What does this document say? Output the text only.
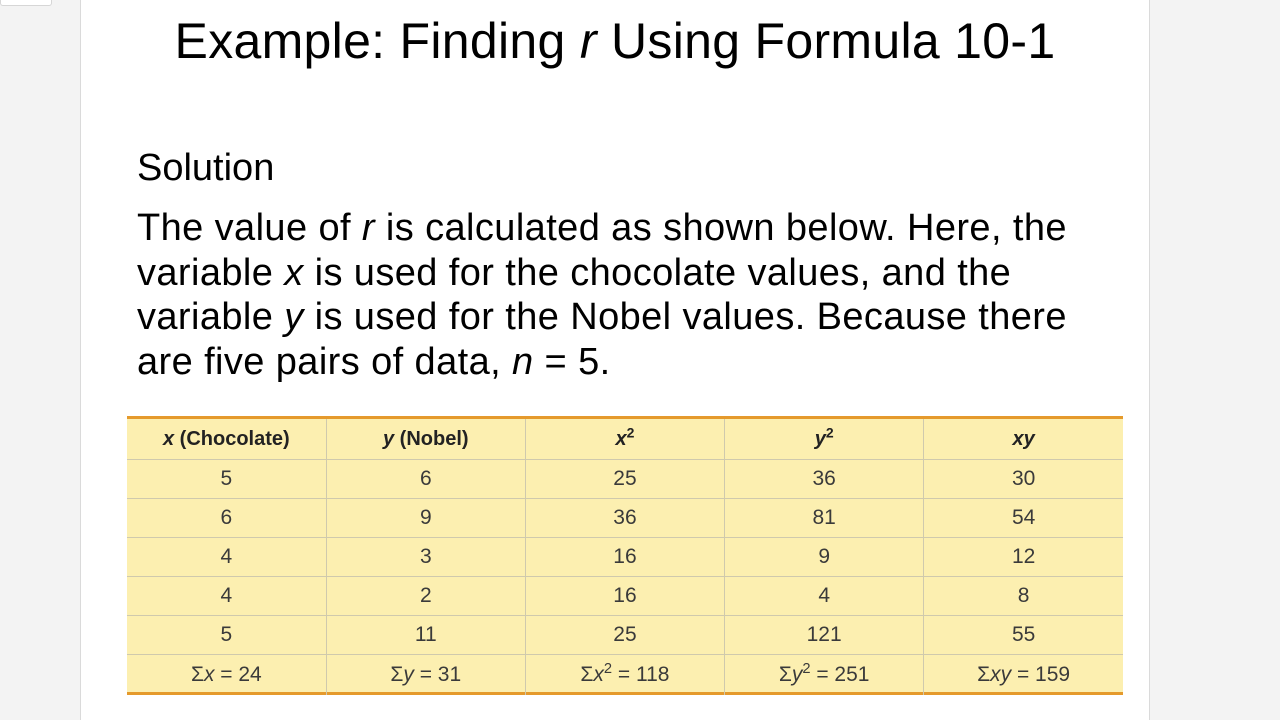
Example: Finding r Using Formula 10-1
Solution
The value of r is calculated as shown below. Here, the variable x is used for the chocolate values, and the variable y is used for the Nobel values. Because there are five pairs of data, n = 5.
x (Chocolate)	y (Nobel)	$x^2$	$y^2$	xy
5	6	25	36	30
6	9	36	81	54
4	3	16	9	12
4	2	16	4	8
5	11	25	121	55
Σx = 24	Σy = 31	$\Sigma x^2 = 118$	$\Sigma y^2 = 251$	Σxy = 159
